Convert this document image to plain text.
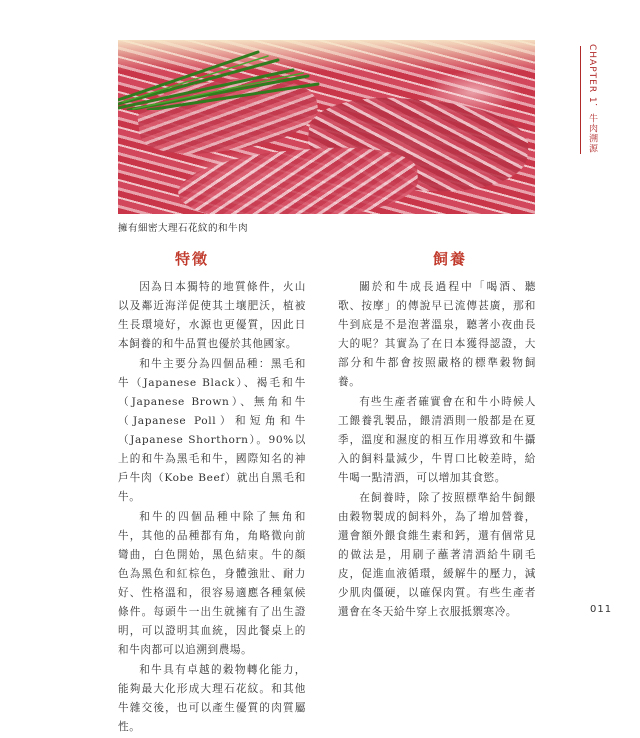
擁有細密大理石花紋的和牛肉
特徵	飼養

因為日本獨特的地質條件，火山以及鄰近海洋促使其土壤肥沃，植被生長環境好，水源也更優質，因此日本飼養的和牛品質也優於其他國家。

和牛主要分為四個品種：黑毛和牛（Japanese Black）、褐毛和牛（Japanese Brown）、無角和牛（Japanese Poll）和短角和牛（Japanese Shorthorn）。90%以上的和牛為黑毛和牛，國際知名的神戶牛肉（Kobe Beef）就出自黑毛和牛。

和牛的四個品種中除了無角和牛，其他的品種都有角，角略微向前彎曲，白色開始，黑色結束。牛的顏色為黑色和紅棕色，身體強壯、耐力好、性格溫和，很容易適應各種氣候條件。每頭牛一出生就擁有了出生證明，可以證明其血統，因此餐桌上的和牛肉都可以追溯到農場。

和牛具有卓越的穀物轉化能力，能夠最大化形成大理石花紋。和其他牛雜交後，也可以產生優質的肉質屬性。

關於和牛成長過程中「喝酒、聽歌、按摩」的傳說早已流傳甚廣，那和牛到底是不是泡著溫泉，聽著小夜曲長大的呢？其實為了在日本獲得認證，大部分和牛都會按照嚴格的標準穀物飼養。

有些生產者確實會在和牛小時候人工餵養乳製品，餵清酒則一般都是在夏季，溫度和濕度的相互作用導致和牛攝入的飼料量減少，牛胃口比較差時，給牛喝一點清酒，可以增加其食慾。

在飼養時，除了按照標準給牛飼餵由穀物製成的飼料外，為了增加營養，還會額外餵食維生素和鈣，還有個常見的做法是，用刷子蘸著清酒給牛刷毛皮，促進血液循環，緩解牛的壓力，減少肌肉僵硬，以確保肉質。有些生產者還會在冬天給牛穿上衣服抵禦寒冷。

CHAPTER 1．牛肉溯源
011
